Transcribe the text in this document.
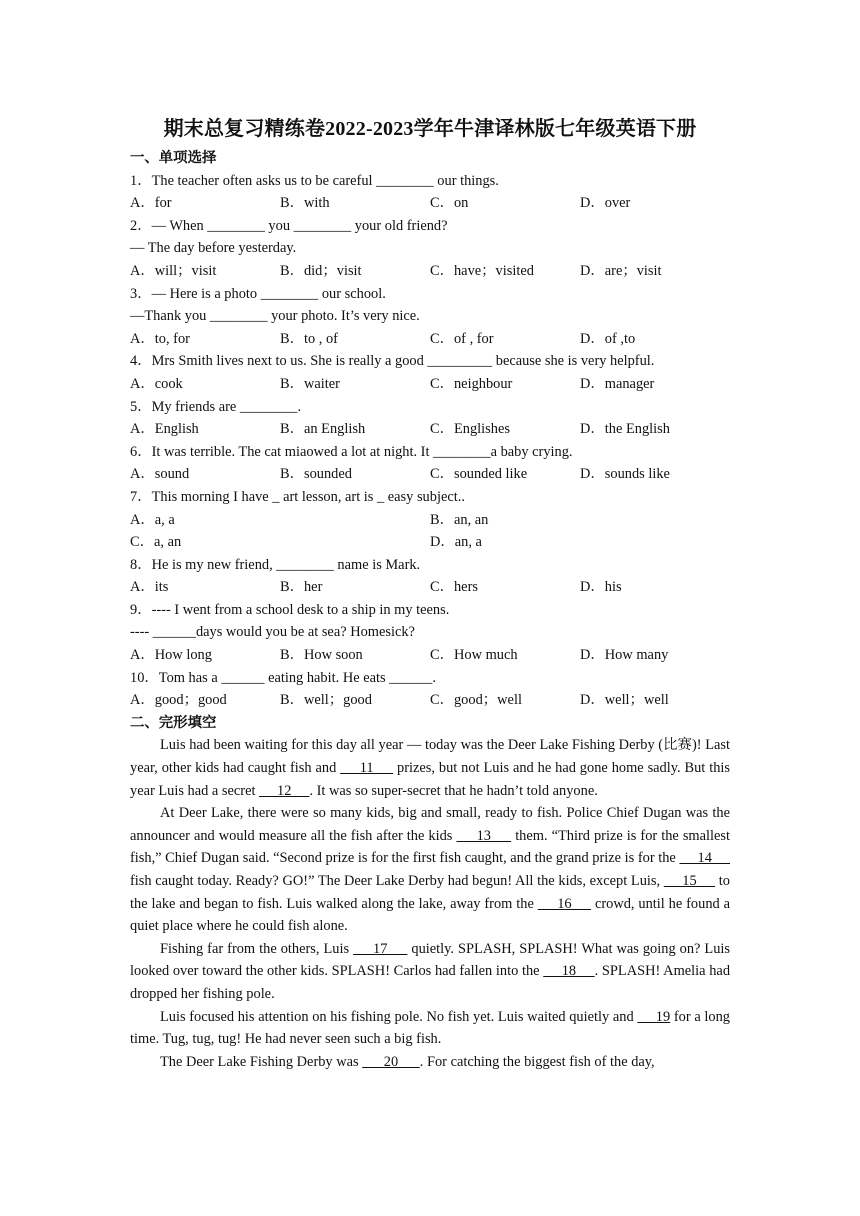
期末总复习精练卷2022-2023学年牛津译林版七年级英语下册
一、单项选择
1．The teacher often asks us to be careful ________ our things.
A．for	B．with	C．on	D．over
2．— When ________ you ________ your old friend?
— The day before yesterday.
A．will；visit	B．did；visit	C．have；visited	D．are；visit
3．— Here is a photo ________ our school.
—Thank you ________ your photo. It’s very nice.
A．to, for	B．to , of	C．of , for	D．of ,to
4．Mrs Smith lives next to us. She is really a good _________ because she is very helpful.
A．cook	B．waiter	C．neighbour	D．manager
5．My friends are ________.
A．English	B．an English	C．Englishes	D．the English
6．It was terrible. The cat miaowed a lot at night. It ________a baby crying.
A．sound	B．sounded	C．sounded like	D．sounds like
7．This morning I have _ art lesson, art is _ easy subject..
A．a, a	B．an, an
C．a, an	D．an, a
8．He is my new friend, ________ name is Mark.
A．its	B．her	C．hers	D．his
9．---- I went from a school desk to a ship in my teens.
---- ______days would you be at sea? Homesick?
A．How long	B．How soon	C．How much	D．How many
10．Tom has a ______ eating habit. He eats ______.
A．good；good	B．well；good	C．good；well	D．well；well
二、完形填空

Luis had been waiting for this day all year — today was the Deer Lake Fishing Derby (比赛)! Last year, other kids had caught fish and      11      prizes, but not Luis and he had gone home sadly. But this year Luis had a secret      12     . It was so super-secret that he hadn’t told anyone.

At Deer Lake, there were so many kids, big and small, ready to fish. Police Chief Dugan was the announcer and would measure all the fish after the kids      13      them. “Third prize is for the smallest fish,” Chief Dugan said. “Second prize is for the first fish caught, and the grand prize is for the      14      fish caught today. Ready? GO!” The Deer Lake Derby had begun! All the kids, except Luis,      15      to the lake and began to fish. Luis walked along the lake, away from the      16      crowd, until he found a quiet place where he could fish alone.

Fishing far from the others, Luis      17      quietly. SPLASH, SPLASH! What was going on? Luis looked over toward the other kids. SPLASH! Carlos had fallen into the      18     . SPLASH! Amelia had dropped her fishing pole.

Luis focused his attention on his fishing pole. No fish yet. Luis waited quietly and      19 for a long time. Tug, tug, tug! He had never seen such a big fish.

The Deer Lake Fishing Derby was       20      . For catching the biggest fish of the day,
